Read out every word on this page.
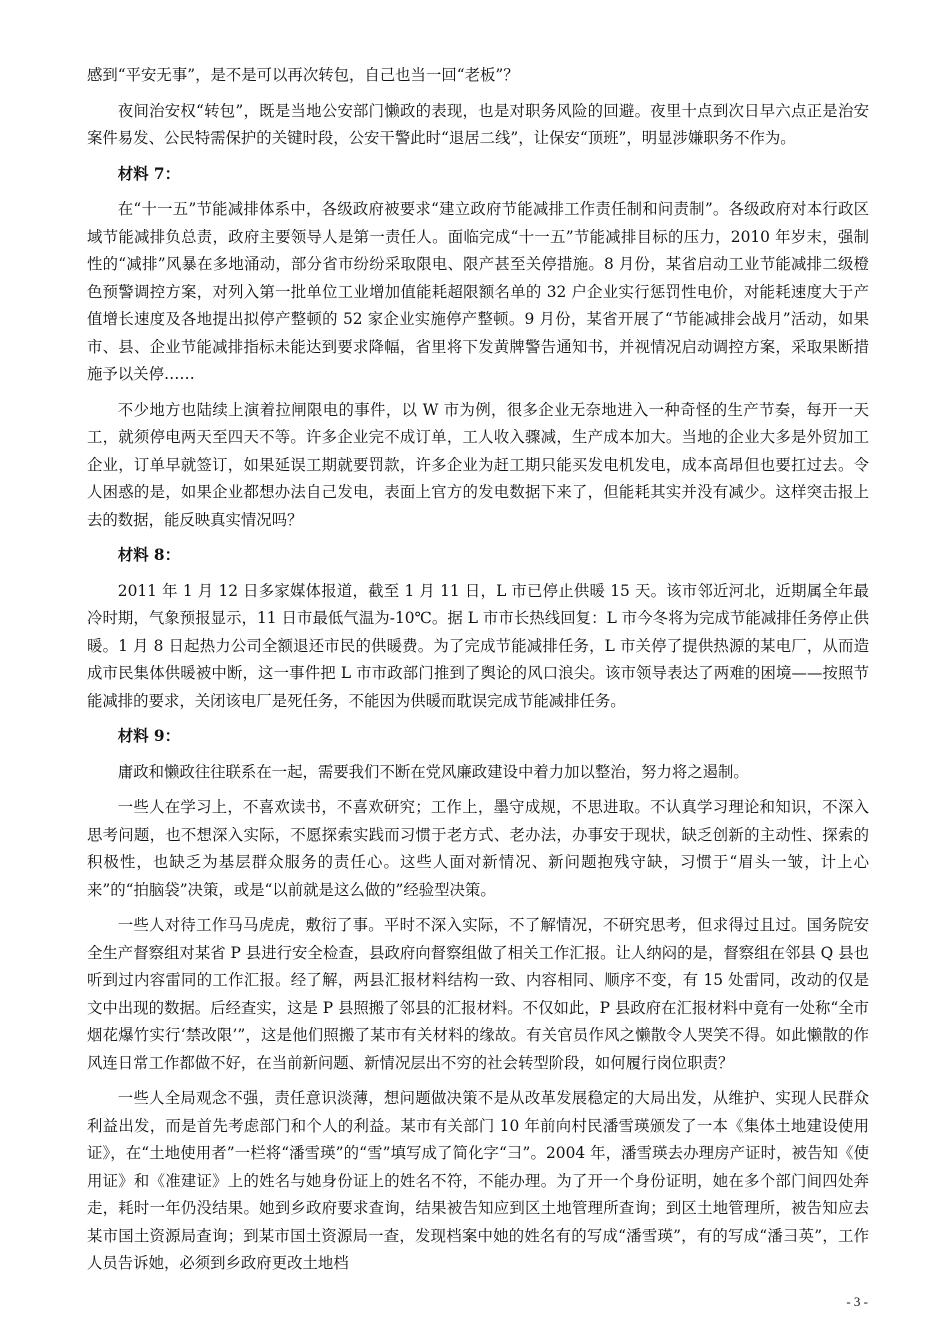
感到“平安无事”，是不是可以再次转包，自己也当一回“老板”？

夜间治安权“转包”，既是当地公安部门懒政的表现，也是对职务风险的回避。夜里十点到次日早六点正是治安案件易发、公民特需保护的关键时段，公安干警此时“退居二线”，让保安“顶班”，明显涉嫌职务不作为。

材料 7：

在“十一五”节能减排体系中，各级政府被要求“建立政府节能减排工作责任制和问责制”。各级政府对本行政区域节能减排负总责，政府主要领导人是第一责任人。面临完成“十一五”节能减排目标的压力，2010 年岁末，强制性的“减排”风暴在多地涌动，部分省市纷纷采取限电、限产甚至关停措施。8 月份，某省启动工业节能减排二级橙色预警调控方案，对列入第一批单位工业增加值能耗超限额名单的 32 户企业实行惩罚性电价，对能耗速度大于产值增长速度及各地提出拟停产整顿的 52 家企业实施停产整顿。9 月份，某省开展了“节能减排会战月”活动，如果市、县、企业节能减排指标未能达到要求降幅，省里将下发黄牌警告通知书，并视情况启动调控方案，采取果断措施予以关停……

不少地方也陆续上演着拉闸限电的事件，以 W 市为例，很多企业无奈地进入一种奇怪的生产节奏，每开一天工，就须停电两天至四天不等。许多企业完不成订单，工人收入骤减，生产成本加大。当地的企业大多是外贸加工企业，订单早就签订，如果延误工期就要罚款，许多企业为赶工期只能买发电机发电，成本高昂但也要扛过去。令人困惑的是，如果企业都想办法自己发电，表面上官方的发电数据下来了，但能耗其实并没有减少。这样突击报上去的数据，能反映真实情况吗？

材料 8：

2011 年 1 月 12 日多家媒体报道，截至 1 月 11 日，L 市已停止供暖 15 天。该市邻近河北，近期属全年最冷时期，气象预报显示，11 日市最低气温为-10℃。据 L 市市长热线回复：L 市今冬将为完成节能减排任务停止供暖。1 月 8 日起热力公司全额退还市民的供暖费。为了完成节能减排任务，L 市关停了提供热源的某电厂，从而造成市民集体供暖被中断，这一事件把 L 市市政部门推到了舆论的风口浪尖。该市领导表达了两难的困境——按照节能减排的要求，关闭该电厂是死任务，不能因为供暖而耽误完成节能减排任务。

材料 9：

庸政和懒政往往联系在一起，需要我们不断在党风廉政建设中着力加以整治，努力将之遏制。

一些人在学习上，不喜欢读书，不喜欢研究；工作上，墨守成规，不思进取。不认真学习理论和知识，不深入思考问题，也不想深入实际，不愿探索实践而习惯于老方式、老办法，办事安于现状，缺乏创新的主动性、探索的积极性，也缺乏为基层群众服务的责任心。这些人面对新情况、新问题抱残守缺，习惯于“眉头一皱，计上心来”的“拍脑袋”决策，或是“以前就是这么做的”经验型决策。

一些人对待工作马马虎虎，敷衍了事。平时不深入实际，不了解情况，不研究思考，但求得过且过。国务院安全生产督察组对某省 P 县进行安全检查，县政府向督察组做了相关工作汇报。让人纳闷的是，督察组在邻县 Q 县也听到过内容雷同的工作汇报。经了解，两县汇报材料结构一致、内容相同、顺序不变，有 15 处雷同，改动的仅是文中出现的数据。后经查实，这是 P 县照搬了邻县的汇报材料。不仅如此，P 县政府在汇报材料中竟有一处称“全市烟花爆竹实行‘禁改限’”，这是他们照搬了某市有关材料的缘故。有关官员作风之懒散令人哭笑不得。如此懒散的作风连日常工作都做不好，在当前新问题、新情况层出不穷的社会转型阶段，如何履行岗位职责？

一些人全局观念不强，责任意识淡薄，想问题做决策不是从改革发展稳定的大局出发，从维护、实现人民群众利益出发，而是首先考虑部门和个人的利益。某市有关部门 10 年前向村民潘雪瑛颁发了一本《集体土地建设使用证》，在“土地使用者”一栏将“潘雪瑛”的“雪”填写成了简化字“彐”。2004 年，潘雪瑛去办理房产证时，被告知《使用证》和《准建证》上的姓名与她身份证上的姓名不符，不能办理。为了开一个身份证明，她在多个部门间四处奔走，耗时一年仍没结果。她到乡政府要求查询，结果被告知应到区土地管理所查询；到区土地管理所，被告知应去某市国土资源局查询；到某市国土资源局一查，发现档案中她的姓名有的写成“潘雪瑛”，有的写成“潘彐英”，工作人员告诉她，必须到乡政府更改土地档

- 3 -
